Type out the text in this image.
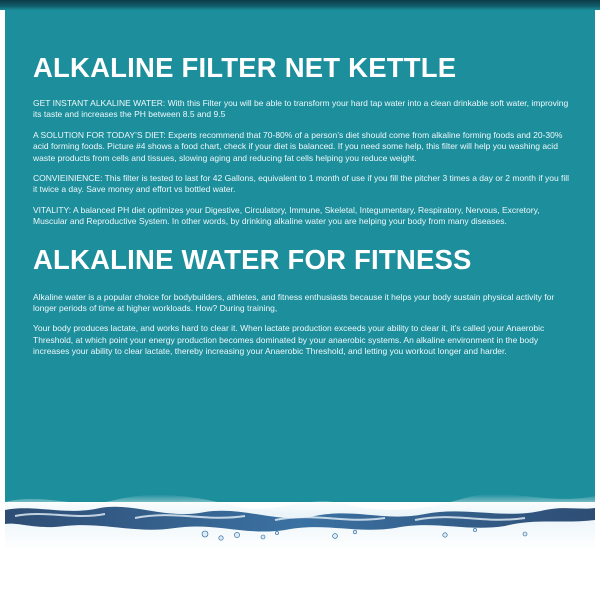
ALKALINE FILTER NET KETTLE

GET INSTANT ALKALINE WATER: With this Filter you will be able to transform your hard tap water into a clean drinkable soft water, improving its taste and increases the PH between 8.5 and 9.5

A SOLUTION FOR TODAY’S DIET: Experts recommend that 70-80% of a person’s diet should come from alkaline forming foods and 20-30% acid forming foods. Picture #4 shows a food chart, check if your diet is balanced. If you need some help, this filter will help you washing acid waste products from cells and tissues, slowing aging and reducing fat cells helping you reduce weight.

CONVIEINIENCE: This filter is tested to last for 42 Gallons, equivalent to 1 month of use if you fill the pitcher 3 times a day or 2 month if you fill it twice a day. Save money and effort vs bottled water.

VITALITY: A balanced PH diet optimizes your Digestive, Circulatory, Immune, Skeletal, Integumentary, Respiratory, Nervous, Excretory, Muscular and Reproductive System. In other words, by drinking alkaline water you are helping your body from many diseases.

ALKALINE WATER FOR FITNESS

Alkaline water is a popular choice for bodybuilders, athletes, and fitness enthusiasts because it helps your body sustain physical activity for longer periods of time at higher workloads. How? During training,

Your body produces lactate, and works hard to clear it. When lactate production exceeds your ability to clear it, it’s called your Anaerobic Threshold, at which point your energy production becomes dominated by your anaerobic systems. An alkaline environment in the body increases your ability to clear lactate, thereby increasing your Anaerobic Threshold, and letting you workout longer and harder.
